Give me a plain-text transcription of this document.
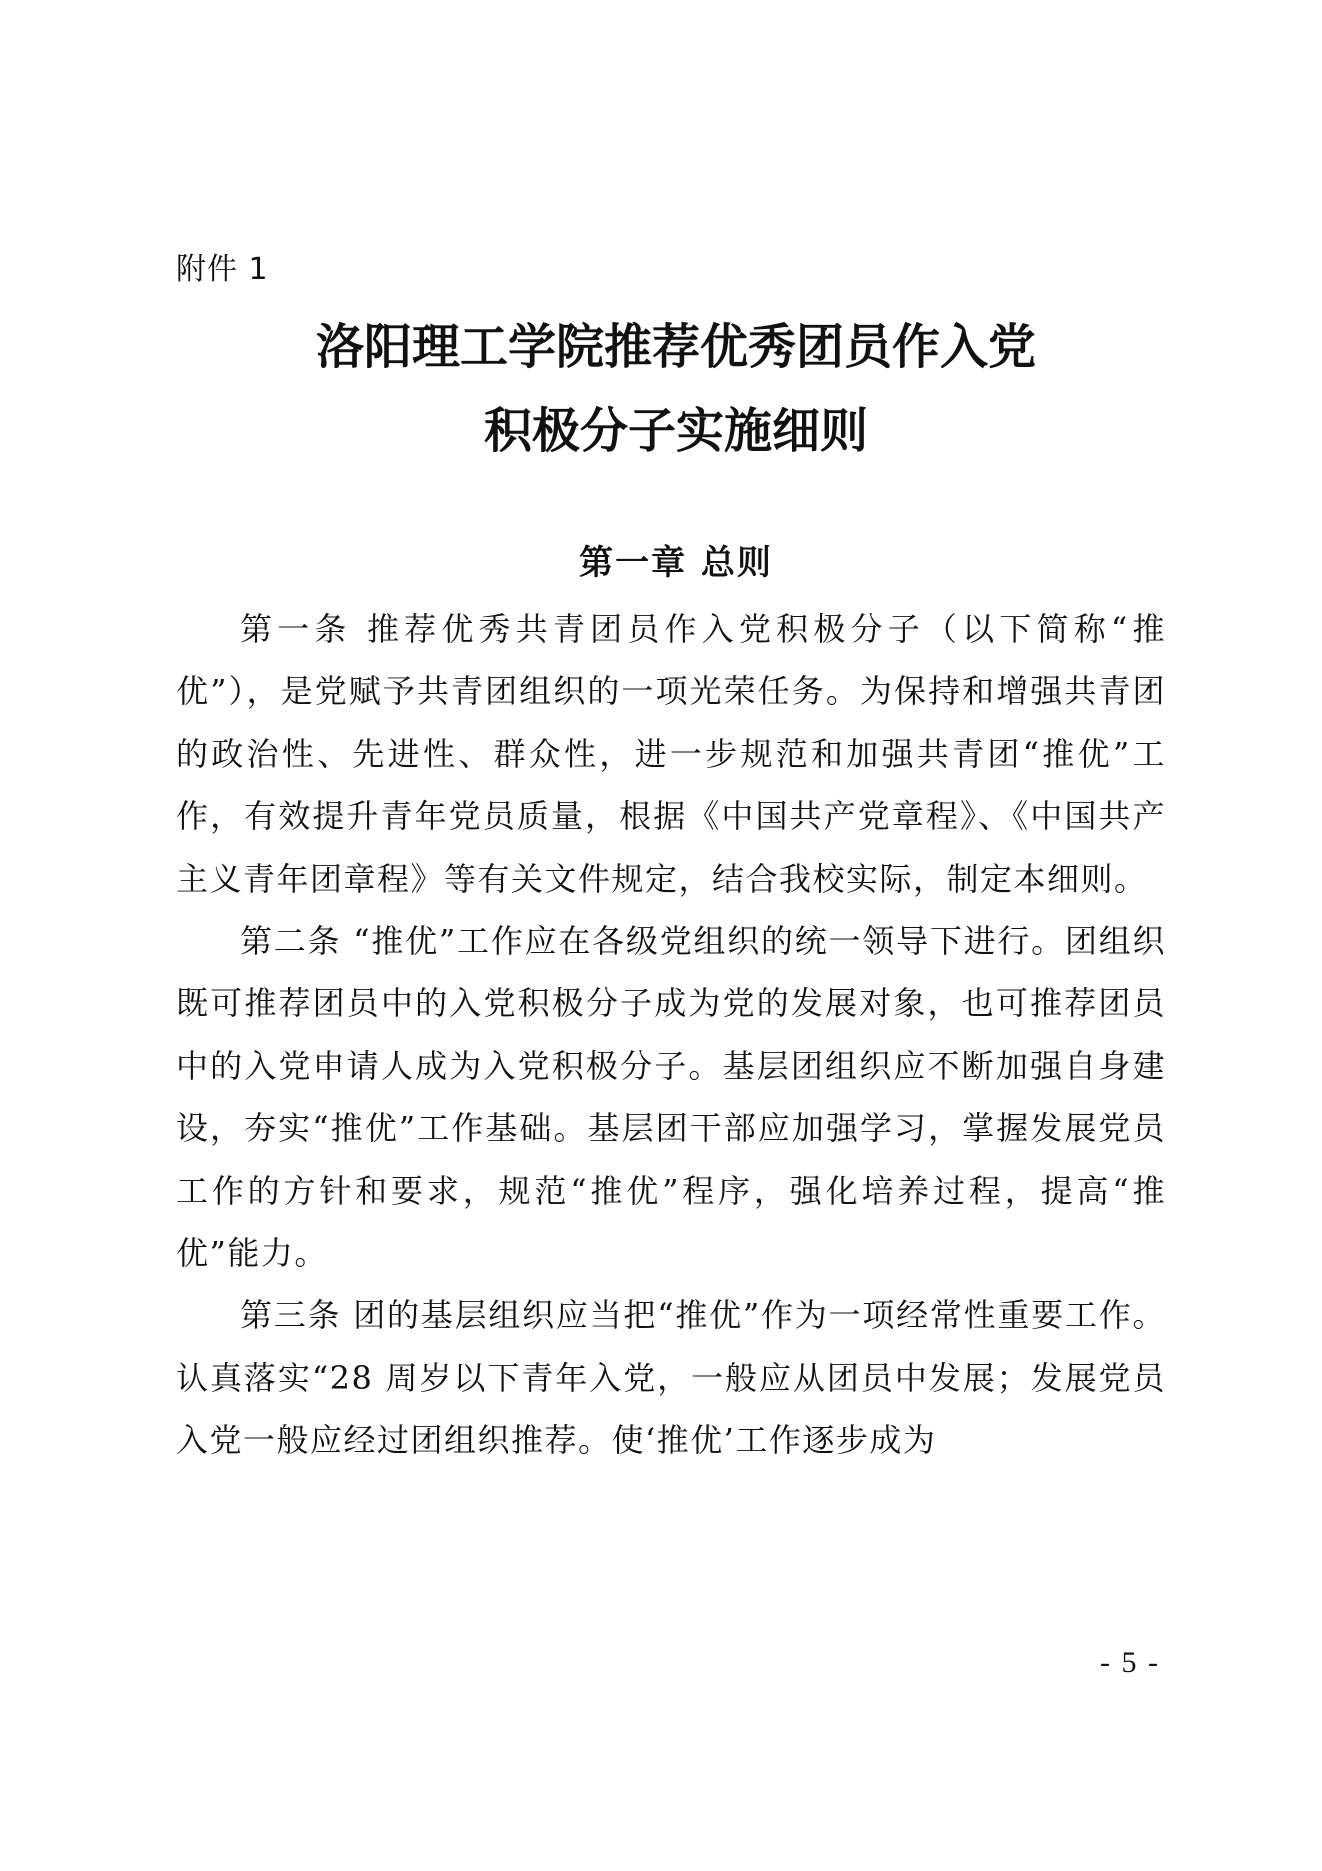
附件 1
洛阳理工学院推荐优秀团员作入党
积极分子实施细则
第一章 总则

第一条 推荐优秀共青团员作入党积极分子（以下简称“推优”），是党赋予共青团组织的一项光荣任务。为保持和增强共青团的政治性、先进性、群众性，进一步规范和加强共青团“推优”工作，有效提升青年党员质量，根据《中国共产党章程》、《中国共产主义青年团章程》等有关文件规定，结合我校实际，制定本细则。

第二条 “推优”工作应在各级党组织的统一领导下进行。团组织既可推荐团员中的入党积极分子成为党的发展对象，也可推荐团员中的入党申请人成为入党积极分子。基层团组织应不断加强自身建设，夯实“推优”工作基础。基层团干部应加强学习，掌握发展党员工作的方针和要求，规范“推优”程序，强化培养过程，提高“推优”能力。

第三条 团的基层组织应当把“推优”作为一项经常性重要工作。认真落实“28 周岁以下青年入党，一般应从团员中发展；发展党员入党一般应经过团组织推荐。使‘推优’工作逐步成为

- 5 -
